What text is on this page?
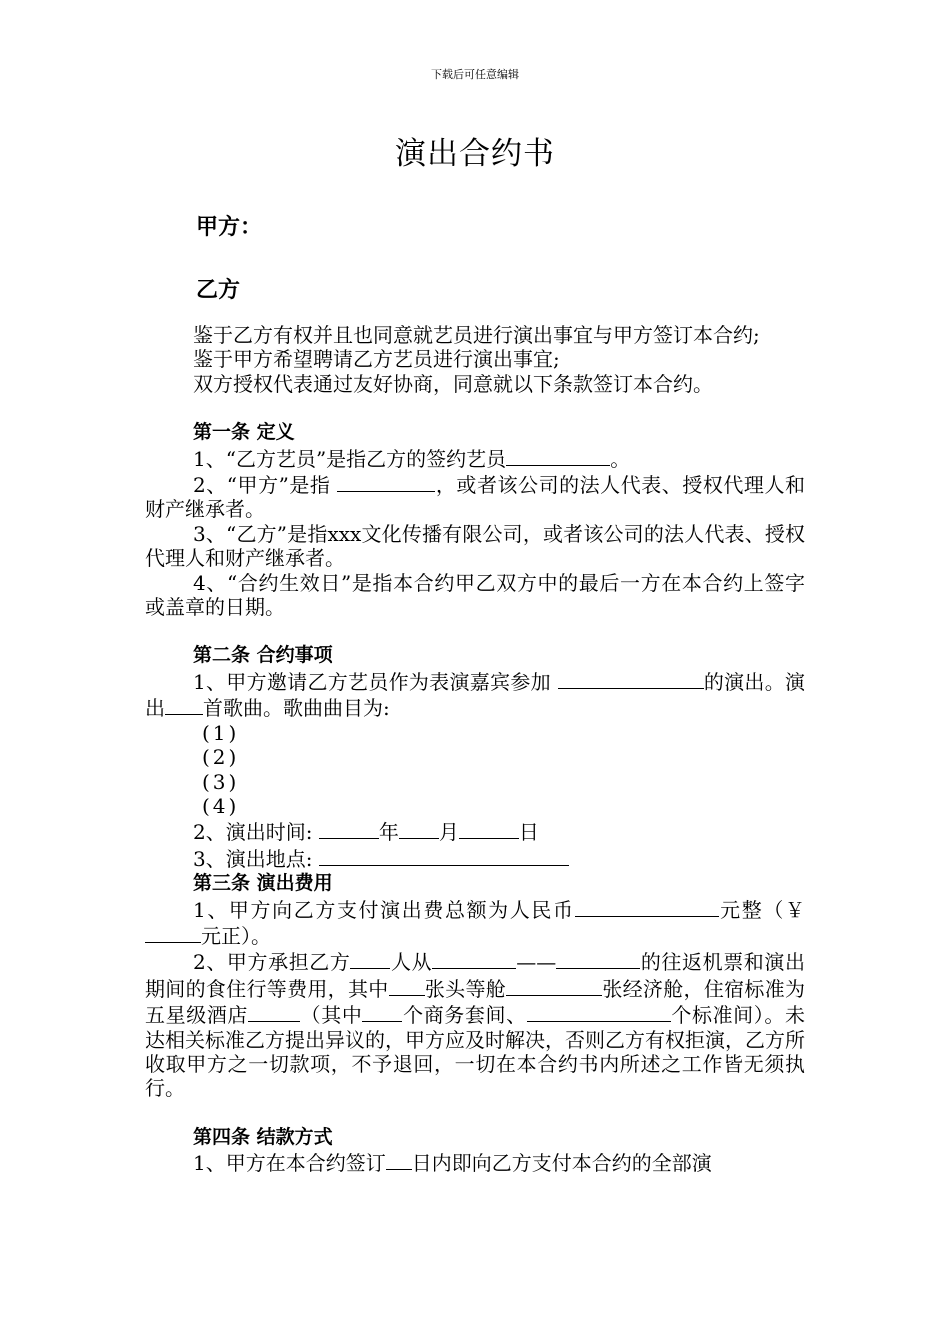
下载后可任意编辑
演出合约书
甲方：
乙方

鉴于乙方有权并且也同意就艺员进行演出事宜与甲方签订本合约;

鉴于甲方希望聘请乙方艺员进行演出事宜;

双方授权代表通过友好协商，同意就以下条款签订本合约。

第一条 定义

1、“乙方艺员”是指乙方的签约艺员	。

2、“甲方”是指	，或者该公司的法人代表、授权代理人和财产继承者。

3、“乙方”是指xxx文化传播有限公司，或者该公司的法人代表、授权代理人和财产继承者。

4、“合约生效日”是指本合约甲乙双方中的最后一方在本合约上签字或盖章的日期。

第二条 合约事项

1、甲方邀请乙方艺员作为表演嘉宾参加	的演出。演出 首歌曲。歌曲曲目为:

(1)

(2)

(3)

(4)

2、演出时间:	年 月	日

3、演出地点:

第三条 演出费用

1、甲方向乙方支付演出费总额为人民币	元整（￥元正）。

2、甲方承担乙方 人从	——	的往返机票和演出期间的食住行等费用，其中 张头等舱	张经济舱，住宿标准为五星级酒店	（其中 个商务套间、	个标准间）。未达相关标准乙方提出异议的，甲方应及时解决，否则乙方有权拒演，乙方所收取甲方之一切款项，不予退回，一切在本合约书内所述之工作皆无须执行。

第四条 结款方式

1、甲方在本合约签订 日内即向乙方支付本合约的全部演
